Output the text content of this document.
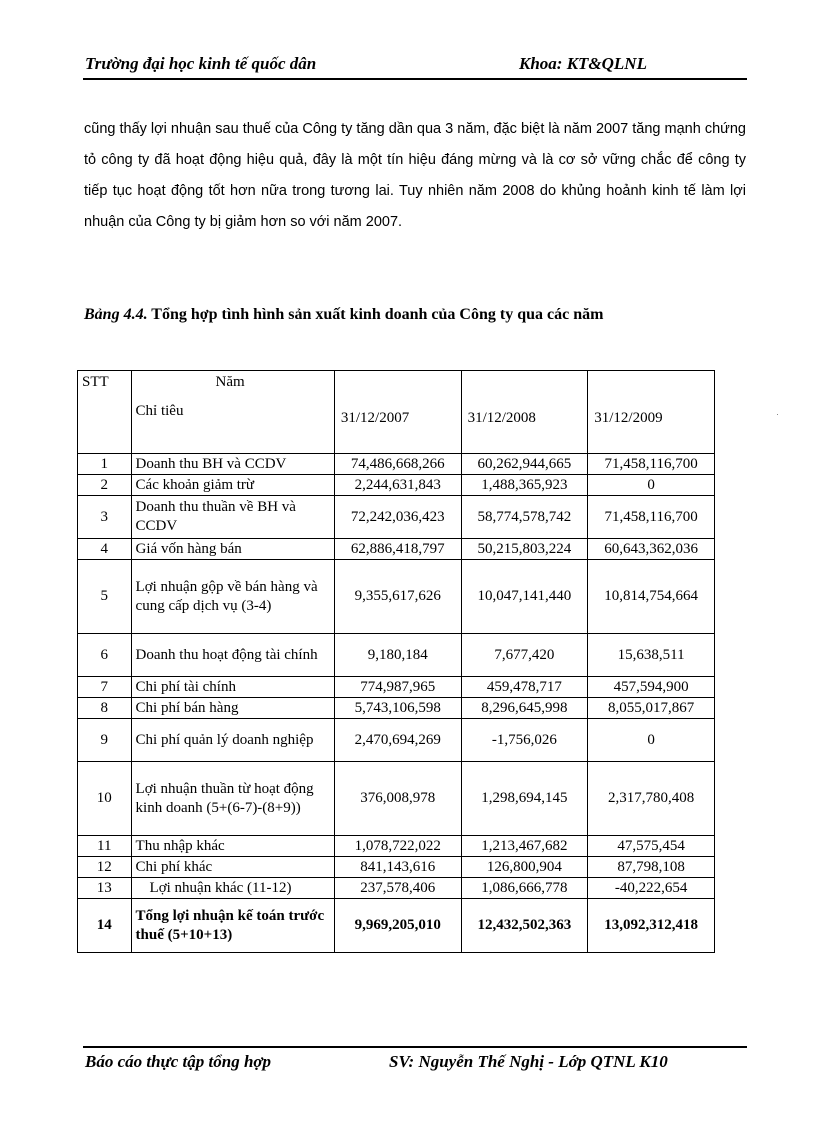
Trường đại học kinh tế quốc dân	Khoa: KT&QLNL
cũng thấy lợi nhuận sau thuế của Công ty tăng dần qua 3 năm, đặc biệt là năm 2007 tăng mạnh chứng tỏ công ty đã hoạt động hiệu quả, đây là một tín hiệu đáng mừng và là cơ sở vững chắc để công ty tiếp tục hoạt động tốt hơn nữa trong tương lai. Tuy nhiên năm 2008 do khủng hoảnh kinh tế làm lợi nhuận của Công ty bị giảm hơn so với năm 2007.
Bảng 4.4. Tổng hợp tình hình sản xuất kinh doanh của Công ty qua các năm
STT	Năm
Chỉ tiêu	31/12/2007	31/12/2008	31/12/2009
1	Doanh thu BH và CCDV	74,486,668,266	60,262,944,665	71,458,116,700
2	Các khoản giảm trừ	2,244,631,843	1,488,365,923	0
3	Doanh thu thuần về BH và CCDV	72,242,036,423	58,774,578,742	71,458,116,700
4	Giá vốn hàng bán	62,886,418,797	50,215,803,224	60,643,362,036
5	Lợi nhuận gộp về bán hàng và cung cấp dịch vụ (3-4)	9,355,617,626	10,047,141,440	10,814,754,664
6	Doanh thu hoạt động tài chính	9,180,184	7,677,420	15,638,511
7	Chi phí tài chính	774,987,965	459,478,717	457,594,900
8	Chi phí bán hàng	5,743,106,598	8,296,645,998	8,055,017,867
9	Chi phí quản lý doanh nghiệp	2,470,694,269	-1,756,026	0
10	Lợi nhuận thuần từ hoạt động kinh doanh (5+(6-7)-(8+9))	376,008,978	1,298,694,145	2,317,780,408
11	Thu nhập khác	1,078,722,022	1,213,467,682	47,575,454
12	Chi phí khác	841,143,616	126,800,904	87,798,108
13	Lợi nhuận khác (11-12)	237,578,406	1,086,666,778	-40,222,654
14	Tổng lợi nhuận kế toán trước thuế (5+10+13)	9,969,205,010	12,432,502,363	13,092,312,418
Báo cáo thực tập tổng hợp	SV: Nguyễn Thế Nghị - Lớp QTNL K10
